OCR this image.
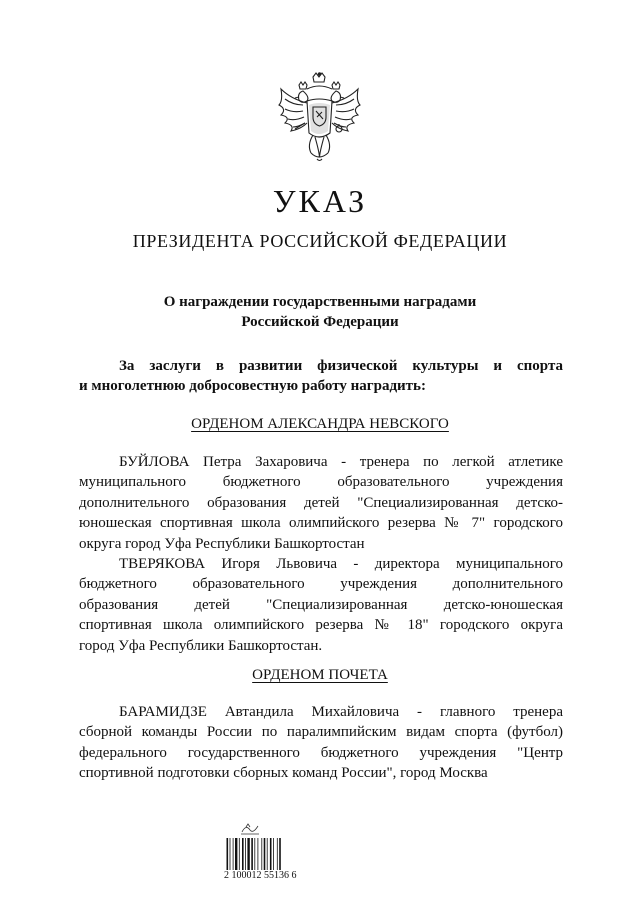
УКАЗ
ПРЕЗИДЕНТА РОССИЙСКОЙ ФЕДЕРАЦИИ
О награждении государственными наградами
Российской Федерации
За заслуги в развитии физической культуры и спорта
и многолетнюю добросовестную работу наградить:
ОРДЕНОМ АЛЕКСАНДРА НЕВСКОГО
БУЙЛОВА Петра Захаровича - тренера по легкой атлетике
муниципального бюджетного образовательного учреждения
дополнительного образования детей "Специализированная детско-
юношеская спортивная школа олимпийского резерва № 7" городского
округа город Уфа Республики Башкортостан
ТВЕРЯКОВА Игоря Львовича - директора муниципального
бюджетного образовательного учреждения дополнительного
образования детей "Специализированная детско-юношеская
спортивная школа олимпийского резерва № 18" городского округа
город Уфа Республики Башкортостан.
ОРДЕНОМ ПОЧЕТА
БАРАМИДЗЕ Автандила Михайловича - главного тренера
сборной команды России по паралимпийским видам спорта (футбол)
федерального государственного бюджетного учреждения "Центр
спортивной подготовки сборных команд России", город Москва
2 100012 55136 6
